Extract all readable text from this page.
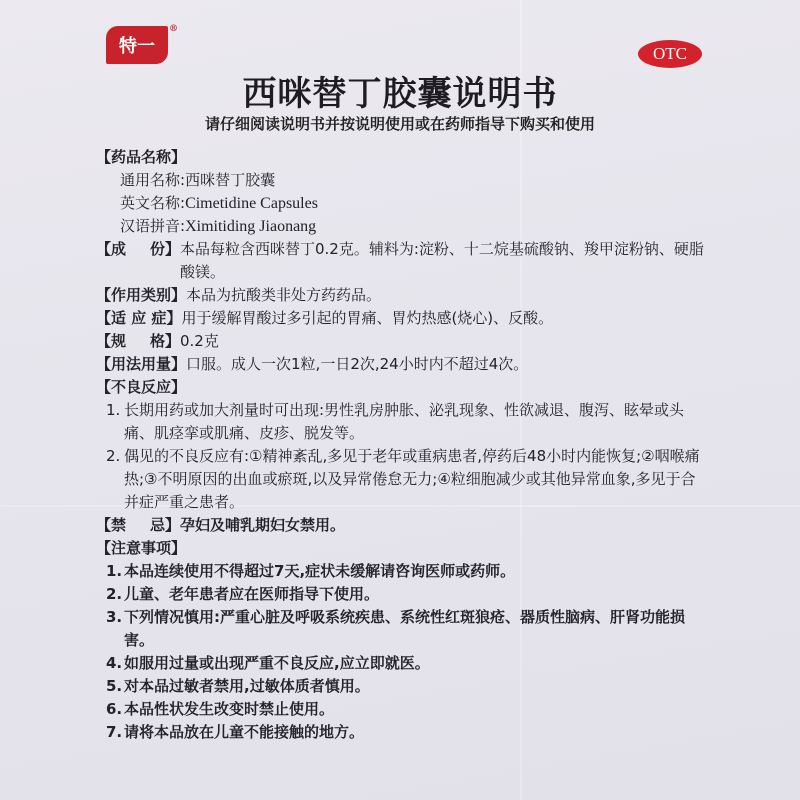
特一
®
OTC
西咪替丁胶囊说明书
请仔细阅读说明书并按说明使用或在药师指导下购买和使用
【药品名称】
通用名称: 西咪替丁胶囊
英文名称: Cimetidine Capsules
汉语拼音: Ximitiding Jiaonang
【成 份】 本品每粒含西咪替丁0.2克。辅料为:淀粉、十二烷基硫酸钠、羧甲淀粉钠、硬脂酸镁。
【作用类别】 本品为抗酸类非处方药药品。
【适 应 症】 用于缓解胃酸过多引起的胃痛、胃灼热感(烧心)、反酸。
【规 格】 0.2克
【用法用量】 口服。成人一次1粒,一日2次,24小时内不超过4次。
【不良反应】
1. 长期用药或加大剂量时可出现:男性乳房肿胀、泌乳现象、性欲减退、腹泻、眩晕或头痛、肌痉挛或肌痛、皮疹、脱发等。
2. 偶见的不良反应有:①精神紊乱,多见于老年或重病患者,停药后48小时内能恢复;②咽喉痛热;③不明原因的出血或瘀斑,以及异常倦怠无力;④粒细胞减少或其他异常血象,多见于合并症严重之患者。
【禁 忌】 孕妇及哺乳期妇女禁用。
【注意事项】
1. 本品连续使用不得超过7天,症状未缓解请咨询医师或药师。
2. 儿童、老年患者应在医师指导下使用。
3. 下列情况慎用:严重心脏及呼吸系统疾患、系统性红斑狼疮、器质性脑病、肝肾功能损害。
4. 如服用过量或出现严重不良反应,应立即就医。
5. 对本品过敏者禁用,过敏体质者慎用。
6. 本品性状发生改变时禁止使用。
7. 请将本品放在儿童不能接触的地方。
